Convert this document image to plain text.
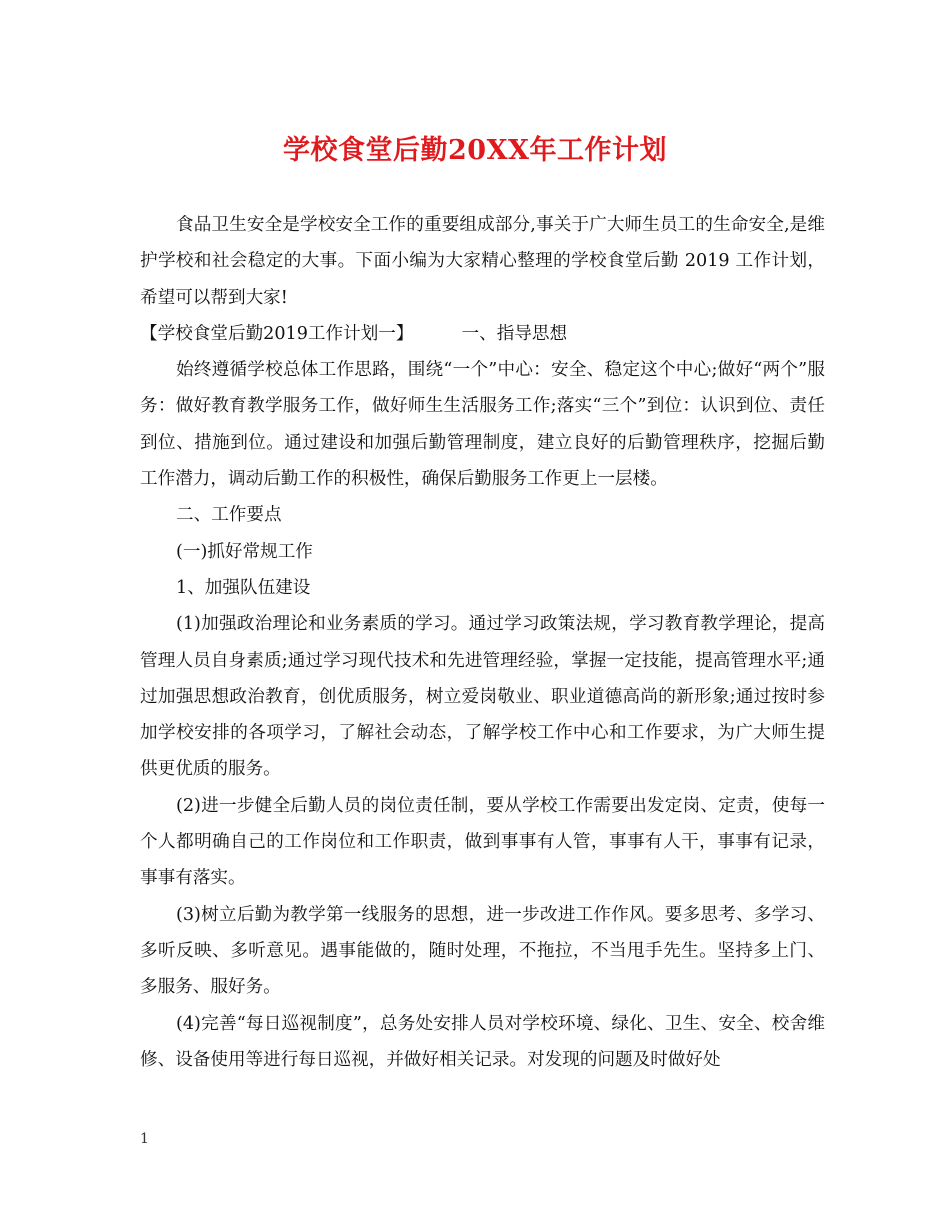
学校食堂后勤20XX年工作计划

食品卫生安全是学校安全工作的重要组成部分,事关于广大师生员工的生命安全,是维护学校和社会稳定的大事。下面小编为大家精心整理的学校食堂后勤 2019 工作计划，希望可以帮到大家!

【学校食堂后勤2019工作计划一】	一、指导思想

始终遵循学校总体工作思路，围绕“一个”中心：安全、稳定这个中心;做好“两个”服务：做好教育教学服务工作，做好师生生活服务工作;落实“三个”到位：认识到位、责任到位、措施到位。通过建设和加强后勤管理制度，建立良好的后勤管理秩序，挖掘后勤工作潜力，调动后勤工作的积极性，确保后勤服务工作更上一层楼。

二、工作要点

(一)抓好常规工作

1、加强队伍建设

(1)加强政治理论和业务素质的学习。通过学习政策法规，学习教育教学理论，提高管理人员自身素质;通过学习现代技术和先进管理经验，掌握一定技能，提高管理水平;通过加强思想政治教育，创优质服务，树立爱岗敬业、职业道德高尚的新形象;通过按时参加学校安排的各项学习，了解社会动态，了解学校工作中心和工作要求，为广大师生提供更优质的服务。

(2)进一步健全后勤人员的岗位责任制，要从学校工作需要出发定岗、定责，使每一个人都明确自己的工作岗位和工作职责，做到事事有人管，事事有人干，事事有记录，事事有落实。

(3)树立后勤为教学第一线服务的思想，进一步改进工作作风。要多思考、多学习、多听反映、多听意见。遇事能做的，随时处理，不拖拉，不当甩手先生。坚持多上门、多服务、服好务。

(4)完善“每日巡视制度”，总务处安排人员对学校环境、绿化、卫生、安全、校舍维修、设备使用等进行每日巡视，并做好相关记录。对发现的问题及时做好处

1
